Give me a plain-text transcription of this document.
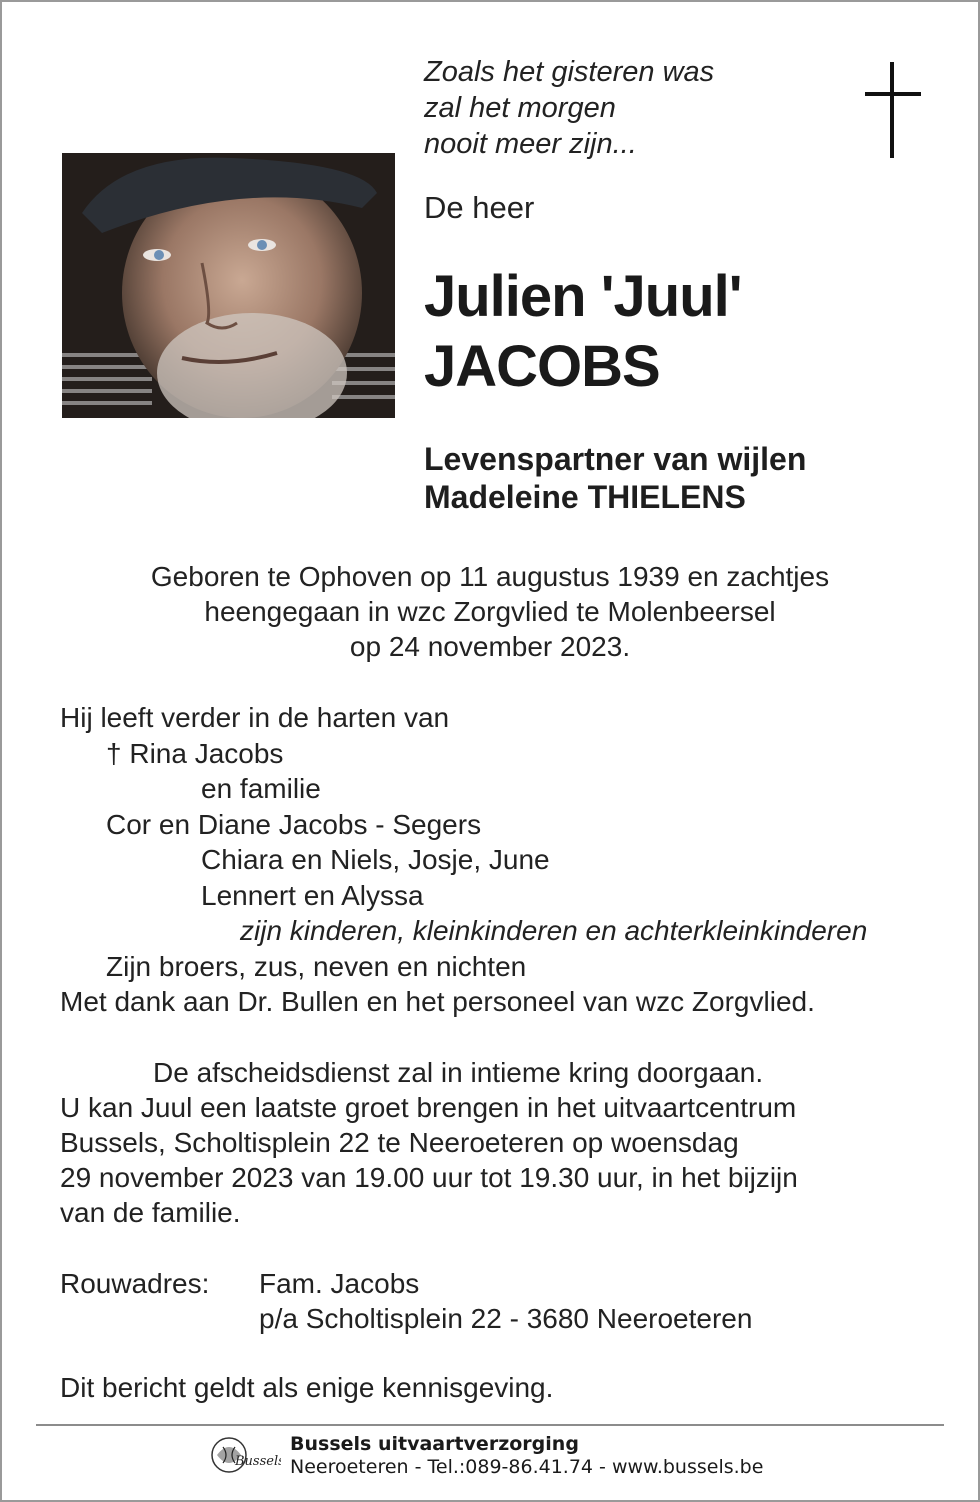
Zoals het gisteren was
zal het morgen
nooit meer zijn...
De heer
Julien 'Juul'
JACOBS
Levenspartner van wijlen
Madeleine THIELENS
Geboren te Ophoven op 11 augustus 1939 en zachtjes
heengegaan in wzc Zorgvlied te Molenbeersel
op 24 november 2023.
Hij leeft verder in de harten van
† Rina Jacobs
en familie
Cor en Diane Jacobs - Segers
Chiara en Niels, Josje, June
Lennert en Alyssa
zijn kinderen, kleinkinderen en achterkleinkinderen
Zijn broers, zus, neven en nichten
Met dank aan Dr. Bullen en het personeel van wzc Zorgvlied.
De afscheidsdienst zal in intieme kring doorgaan.
U kan Juul een laatste groet brengen in het uitvaartcentrum
Bussels, Scholtisplein 22 te Neeroeteren op woensdag
29 november 2023 van 19.00 uur tot 19.30 uur, in het bijzijn
van de familie.
Rouwadres: Fam. Jacobs
p/a Scholtisplein 22 - 3680 Neeroeteren
Dit bericht geldt als enige kennisgeving.
Bussels
Bussels uitvaartverzorging
Neeroeteren - Tel.:089-86.41.74 - www.bussels.be
